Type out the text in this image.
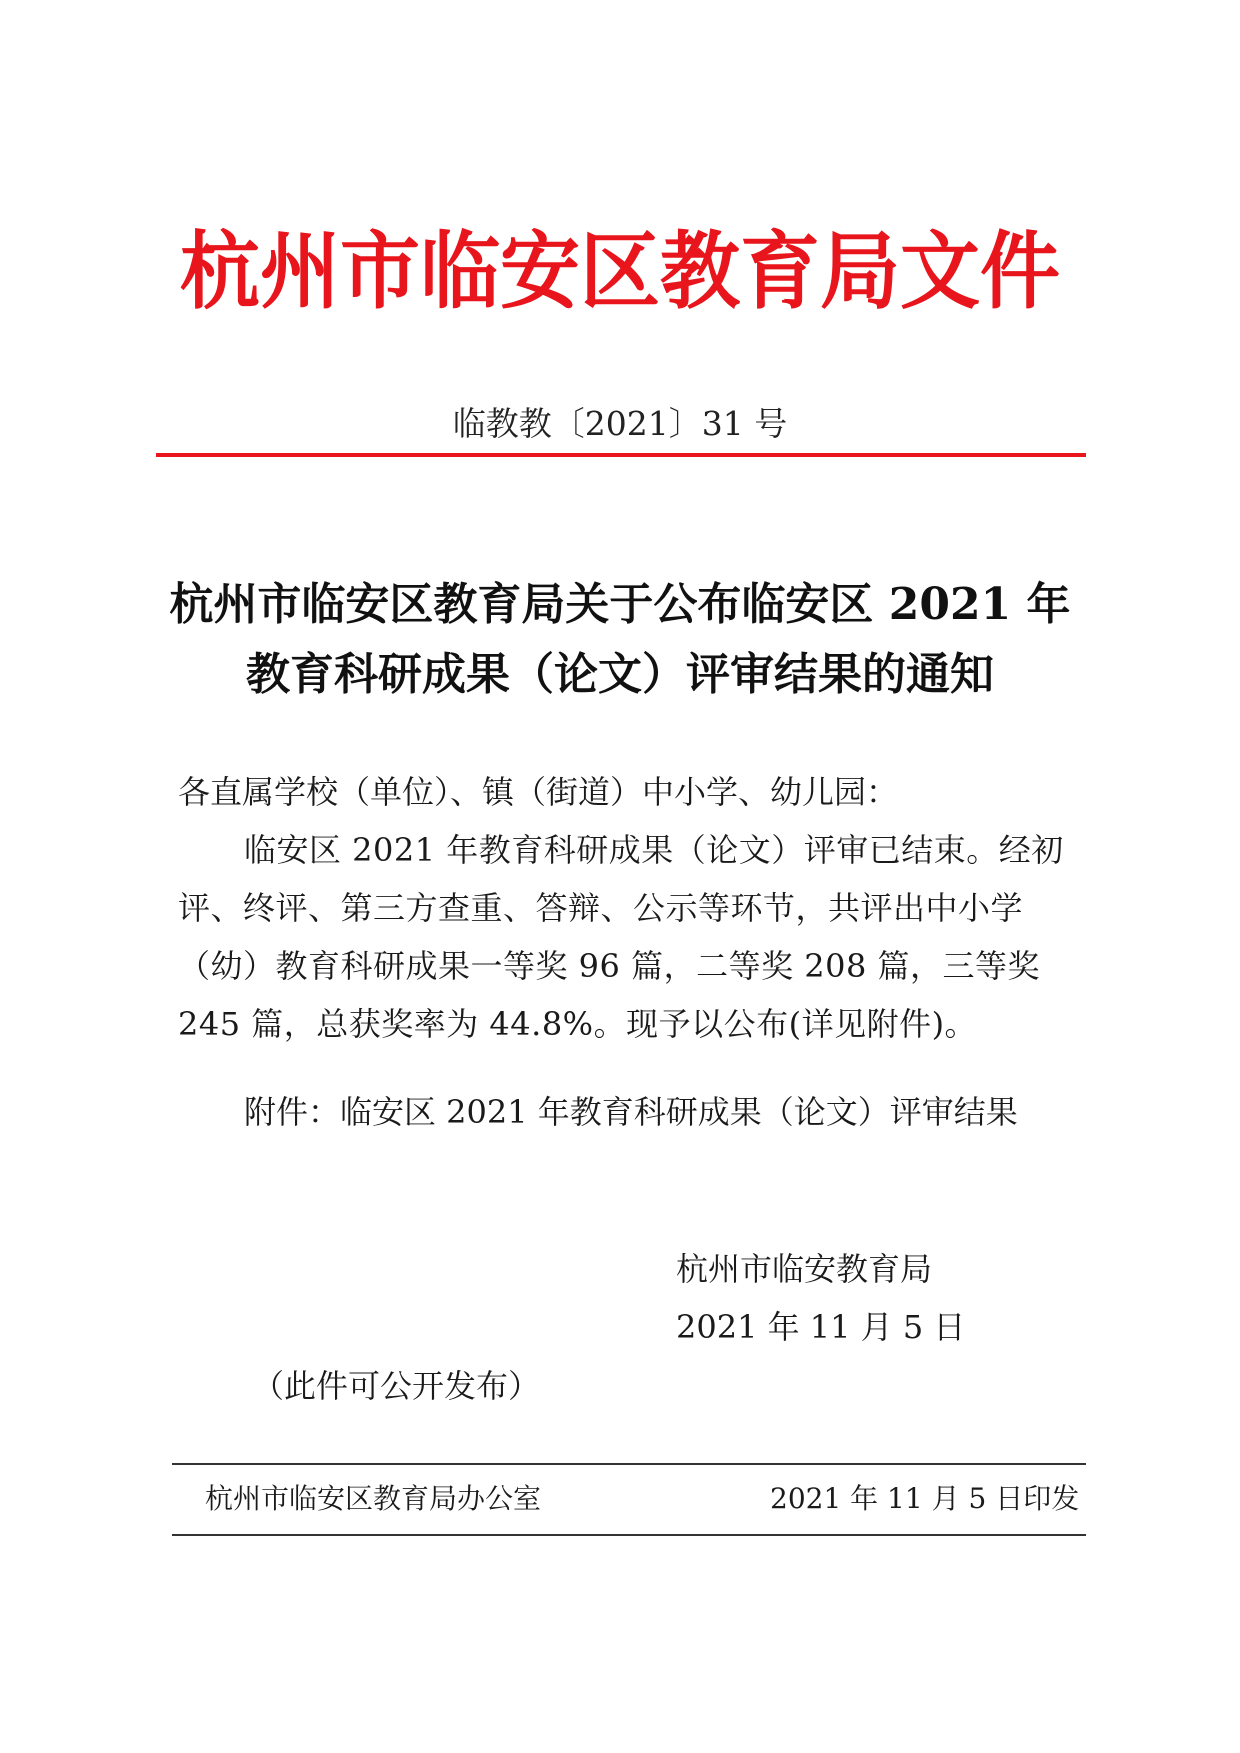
杭州市临安区教育局文件
临教教〔2021〕31 号
杭州市临安区教育局关于公布临安区 2021 年
教育科研成果（论文）评审结果的通知
各直属学校（单位）、镇（街道）中小学、幼儿园：

临安区 2021 年教育科研成果（论文）评审已结束。经初评、终评、第三方查重、答辩、公示等环节，共评出中小学（幼）教育科研成果一等奖 96 篇，二等奖 208 篇，三等奖 245 篇，总获奖率为 44.8%。现予以公布(详见附件)。

附件：临安区 2021 年教育科研成果（论文）评审结果
杭州市临安教育局
2021 年 11 月 5 日
（此件可公开发布）
杭州市临安区教育局办公室	2021 年 11 月 5 日印发
